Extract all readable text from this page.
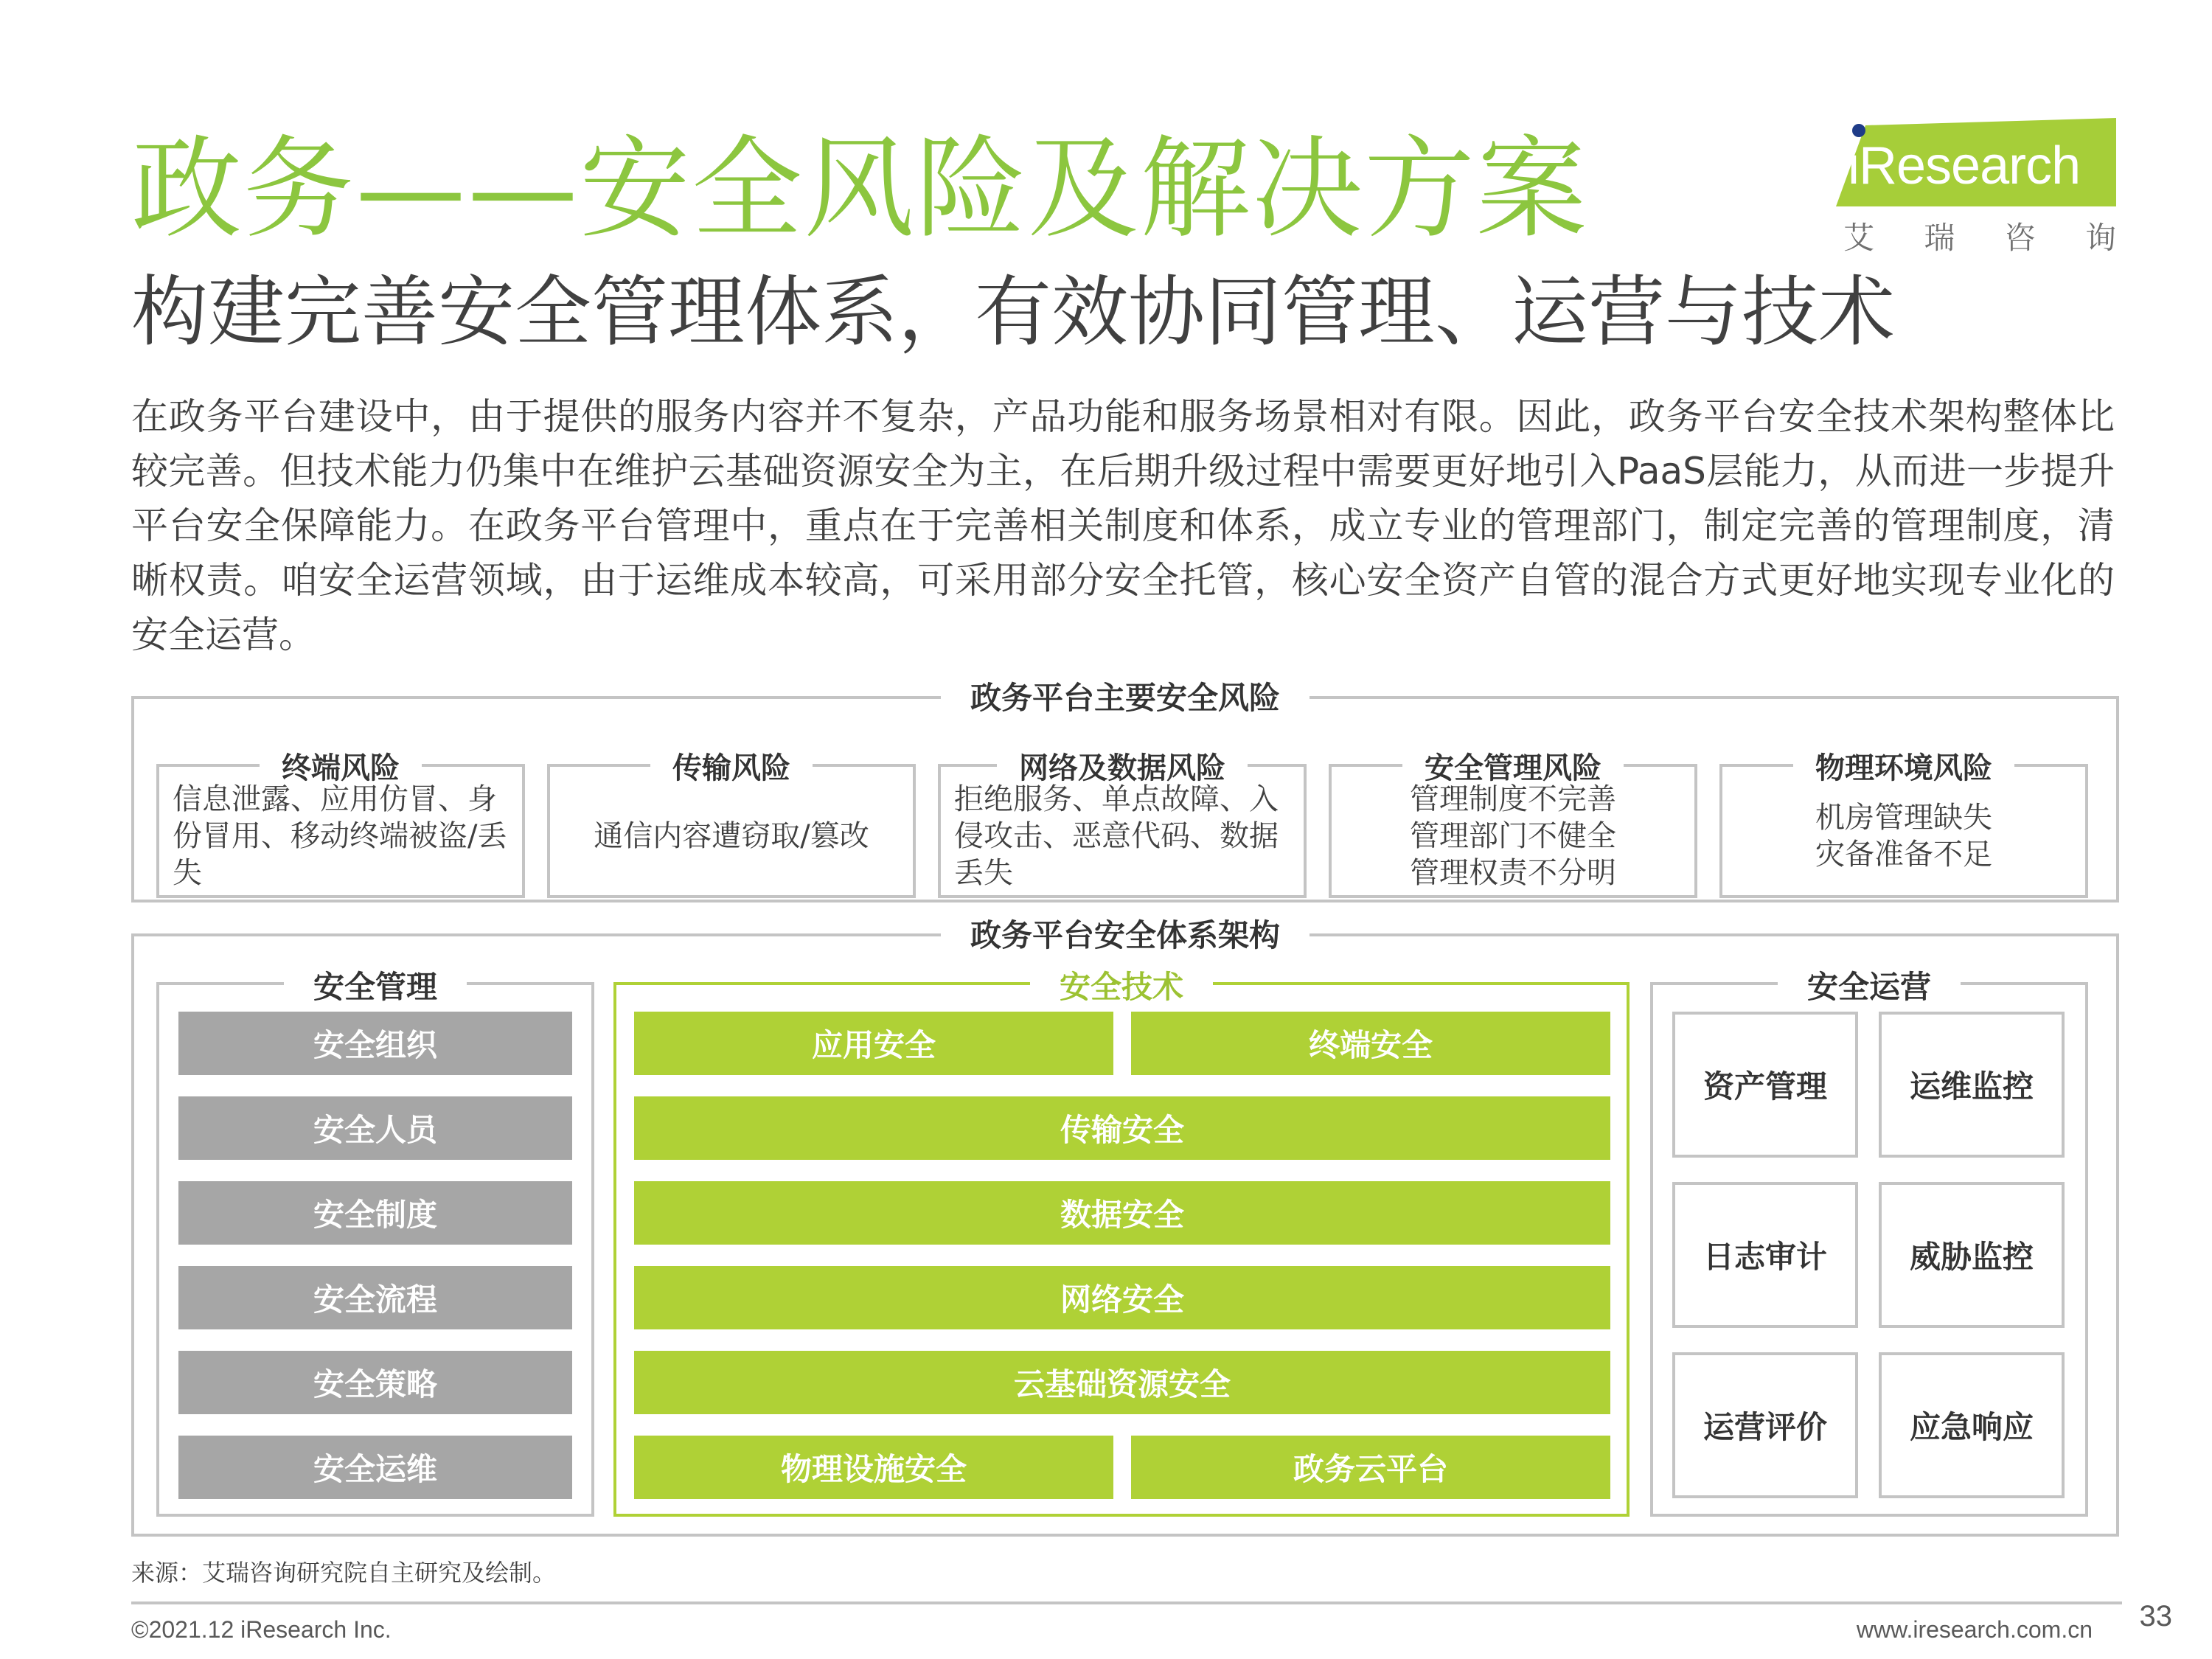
政务——安全风险及解决方案
构建完善安全管理体系，有效协同管理、运营与技术
iResearch
艾 瑞 咨 询
在政务平台建设中，由于提供的服务内容并不复杂，产品功能和服务场景相对有限。因此，政务平台安全技术架构整体比较完善。但技术能力仍集中在维护云基础资源安全为主，在后期升级过程中需要更好地引入PaaS层能力，从而进一步提升平台安全保障能力。在政务平台管理中，重点在于完善相关制度和体系，成立专业的管理部门，制定完善的管理制度，清晰权责。咱安全运营领域，由于运维成本较高，可采用部分安全托管，核心安全资产自管的混合方式更好地实现专业化的安全运营。
政务平台主要安全风险
终端风险
信息泄露、应用仿冒、身份冒用、移动终端被盗/丢失
传输风险
通信内容遭窃取/篡改
网络及数据风险
拒绝服务、单点故障、入侵攻击、恶意代码、数据丢失
安全管理风险
管理制度不完善
管理部门不健全
管理权责不分明
物理环境风险
机房管理缺失
灾备准备不足
政务平台安全体系架构
安全管理
安全组织
安全人员
安全制度
安全流程
安全策略
安全运维
安全技术
应用安全	终端安全
传输安全
数据安全
网络安全
云基础资源安全
物理设施安全	政务云平台
安全运营
资产管理	运维监控
日志审计	威胁监控
运营评价	应急响应
来源：艾瑞咨询研究院自主研究及绘制。
©2021.12 iResearch Inc.	www.iresearch.com.cn 33
